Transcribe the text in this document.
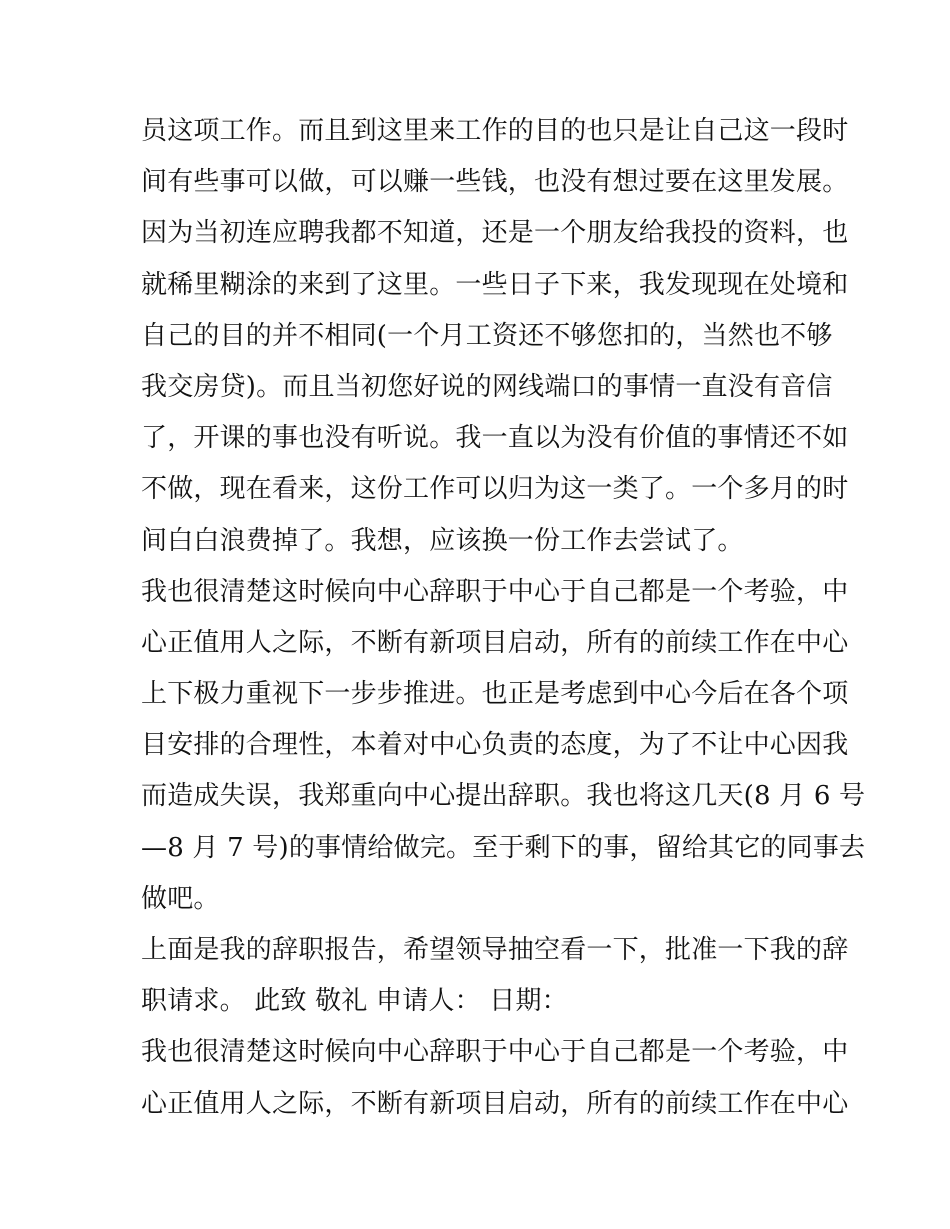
员这项工作。而且到这里来工作的目的也只是让自己这一段时
间有些事可以做，可以赚一些钱，也没有想过要在这里发展。
因为当初连应聘我都不知道，还是一个朋友给我投的资料，也
就稀里糊涂的来到了这里。一些日子下来，我发现现在处境和
自己的目的并不相同(一个月工资还不够您扣的，当然也不够
我交房贷)。而且当初您好说的网线端口的事情一直没有音信
了，开课的事也没有听说。我一直以为没有价值的事情还不如
不做，现在看来，这份工作可以归为这一类了。一个多月的时
间白白浪费掉了。我想，应该换一份工作去尝试了。
我也很清楚这时候向中心辞职于中心于自己都是一个考验，中
心正值用人之际，不断有新项目启动，所有的前续工作在中心
上下极力重视下一步步推进。也正是考虑到中心今后在各个项
目安排的合理性，本着对中心负责的态度，为了不让中心因我
而造成失误，我郑重向中心提出辞职。我也将这几天(8 月 6 号
—8 月 7 号)的事情给做完。至于剩下的事，留给其它的同事去
做吧。
上面是我的辞职报告，希望领导抽空看一下，批准一下我的辞
职请求。 此致 敬礼 申请人： 日期：
我也很清楚这时候向中心辞职于中心于自己都是一个考验，中
心正值用人之际，不断有新项目启动，所有的前续工作在中心
